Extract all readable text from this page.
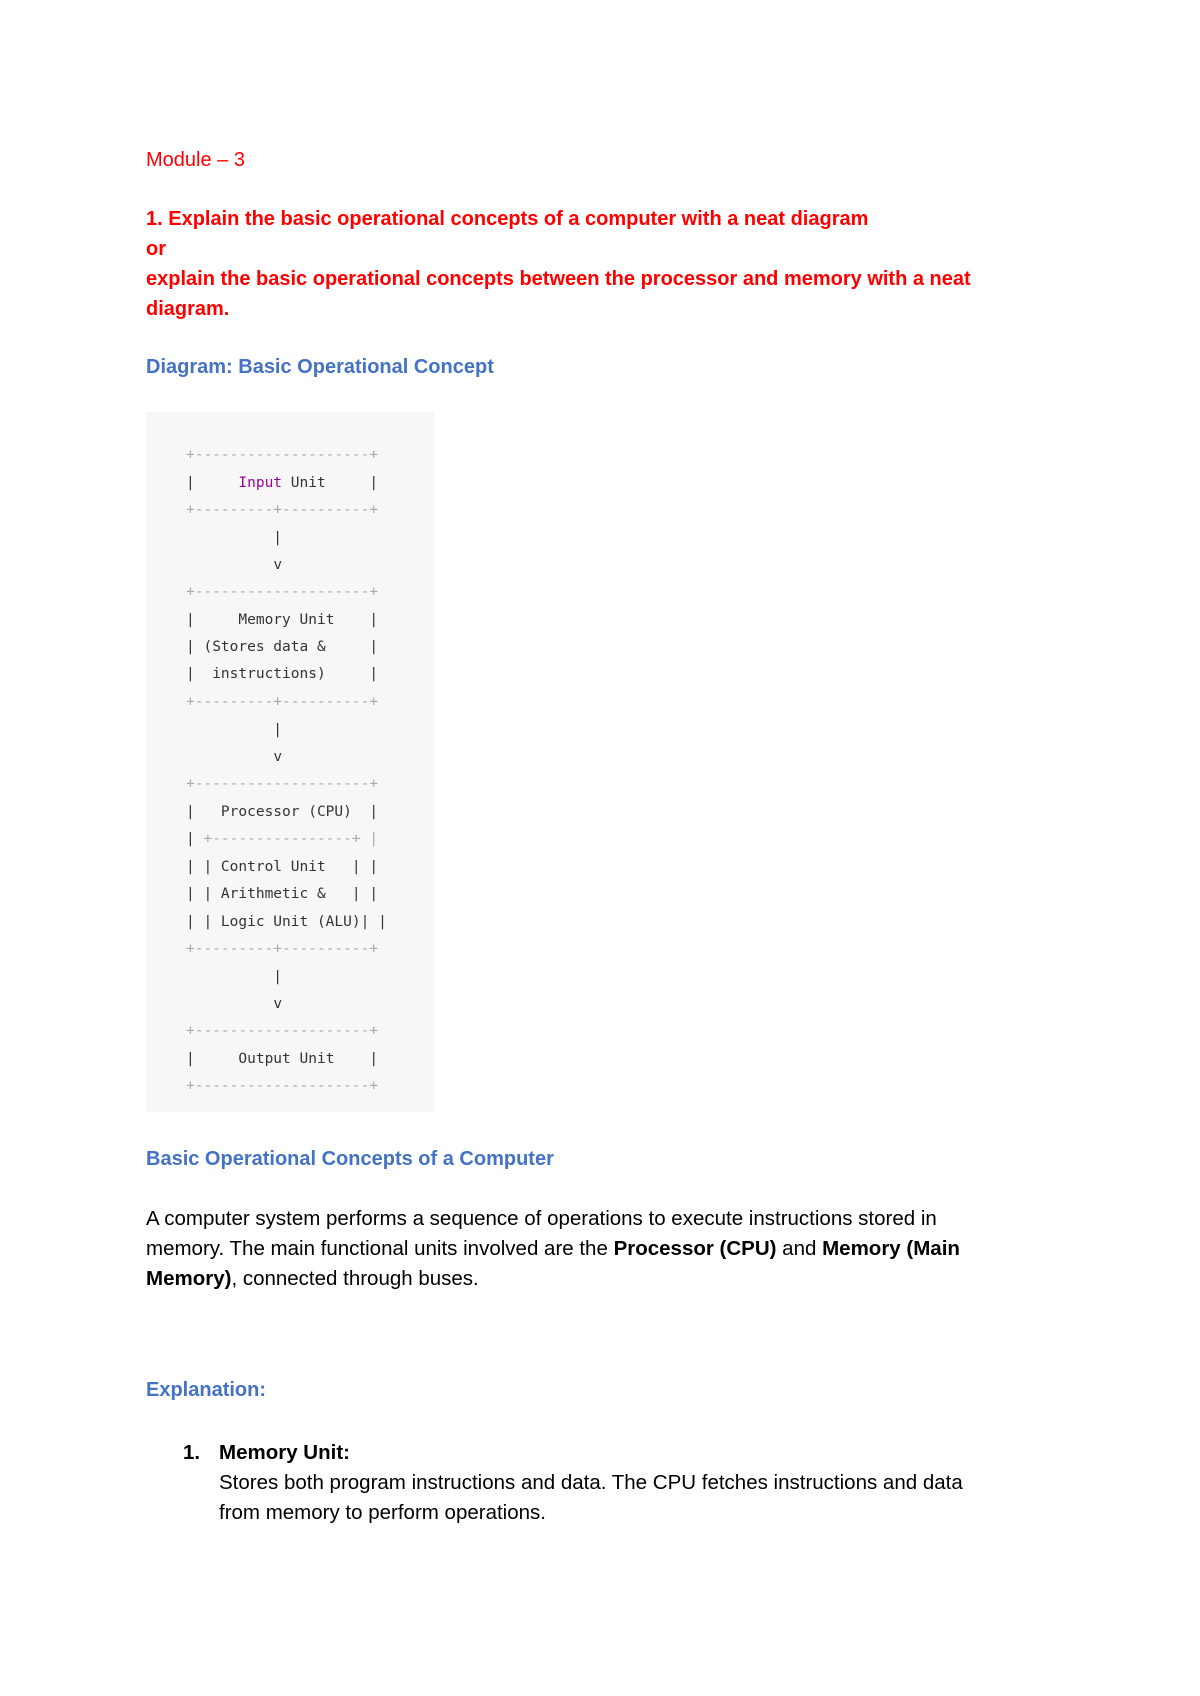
Module – 3
1. Explain the basic operational concepts of a computer with a neat diagram
or
explain the basic operational concepts between the processor and memory with a neat
diagram.
Diagram: Basic Operational Concept
+--------------------+
|     Input Unit     |
+---------+----------+
|
v
+--------------------+
|     Memory Unit    |
| (Stores data &     |
|  instructions)     |
+---------+----------+
|
v
+--------------------+
|   Processor (CPU)  |
| +----------------+ |
| | Control Unit   | |
| | Arithmetic &   | |
| | Logic Unit (ALU)| |
+---------+----------+
|
v
+--------------------+
|     Output Unit    |
+--------------------+
Basic Operational Concepts of a Computer
A computer system performs a sequence of operations to execute instructions stored in
memory. The main functional units involved are the Processor (CPU) and Memory (Main
Memory), connected through buses.
Explanation:
1. Memory Unit:
Stores both program instructions and data. The CPU fetches instructions and data
from memory to perform operations.
